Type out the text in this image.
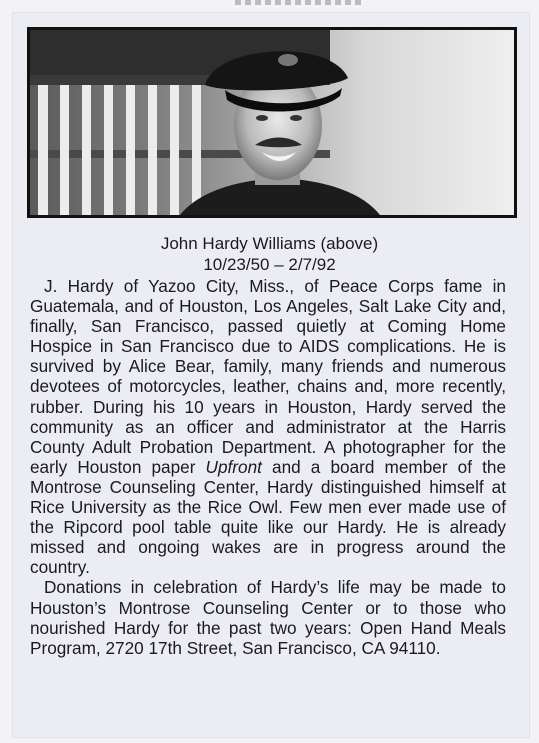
John Hardy Williams (above)

10/23/50 – 2/7/92

J. Hardy of Yazoo City, Miss., of Peace Corps fame in Guatemala, and of Houston, Los Angeles, Salt Lake City and, finally, San Francisco, passed quietly at Coming Home Hospice in San Francisco due to AIDS complications. He is survived by Alice Bear, family, many friends and numerous devotees of motorcycles, leather, chains and, more recently, rubber. During his 10 years in Houston, Hardy served the community as an officer and administrator at the Harris County Adult Probation Department. A photographer for the early Houston paper Upfront and a board member of the Montrose Counseling Center, Hardy distinguished himself at Rice University as the Rice Owl. Few men ever made use of the Ripcord pool table quite like our Hardy. He is already missed and ongoing wakes are in progress around the country.

Donations in celebration of Hardy’s life may be made to Houston’s Montrose Counseling Center or to those who nourished Hardy for the past two years: Open Hand Meals Program, 2720 17th Street, San Francisco, CA 94110.
